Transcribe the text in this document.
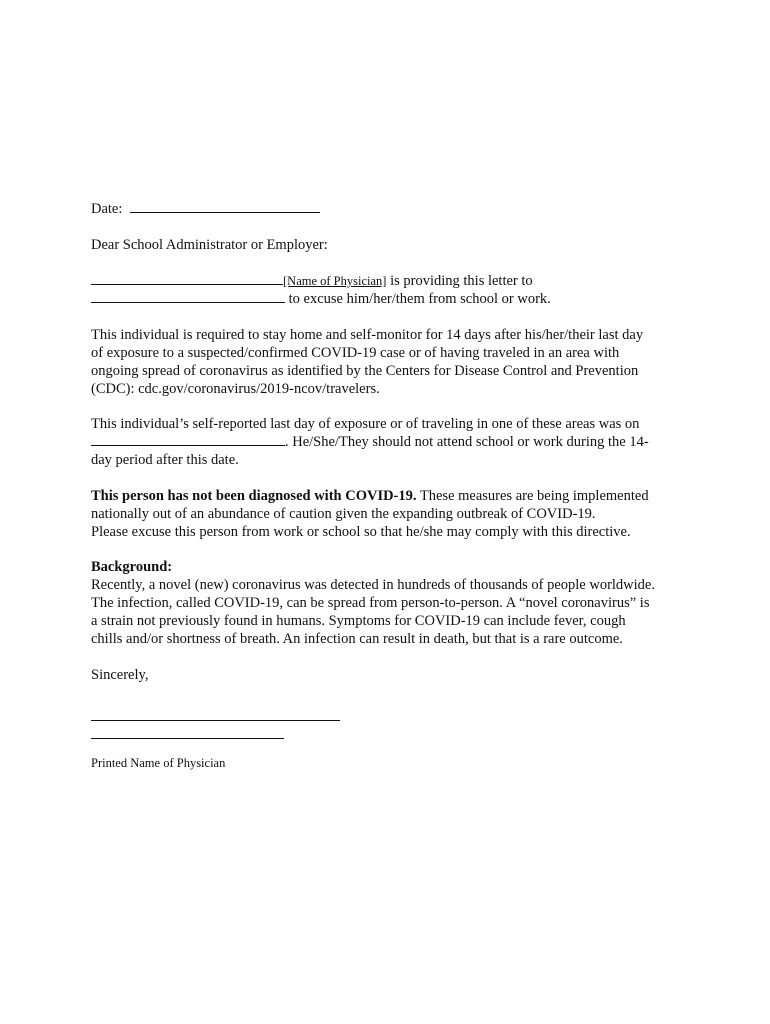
Date:
Dear School Administrator or Employer:
[Name of Physician] is providing this letter to
to excuse him/her/them from school or work.
This individual is required to stay home and self-monitor for 14 days after his/her/their last day
of exposure to a suspected/confirmed COVID-19 case or of having traveled in an area with
ongoing spread of coronavirus as identified by the Centers for Disease Control and Prevention
(CDC): cdc.gov/coronavirus/2019-ncov/travelers.
This individual’s self-reported last day of exposure or of traveling in one of these areas was on
. He/She/They should not attend school or work during the 14-
day period after this date.
This person has not been diagnosed with COVID-19. These measures are being implemented
nationally out of an abundance of caution given the expanding outbreak of COVID-19.
Please excuse this person from work or school so that he/she may comply with this directive.
Background:
Recently, a novel (new) coronavirus was detected in hundreds of thousands of people worldwide.
The infection, called COVID-19, can be spread from person-to-person. A “novel coronavirus” is
a strain not previously found in humans. Symptoms for COVID-19 can include fever, cough
chills and/or shortness of breath. An infection can result in death, but that is a rare outcome.
Sincerely,
Printed Name of Physician
